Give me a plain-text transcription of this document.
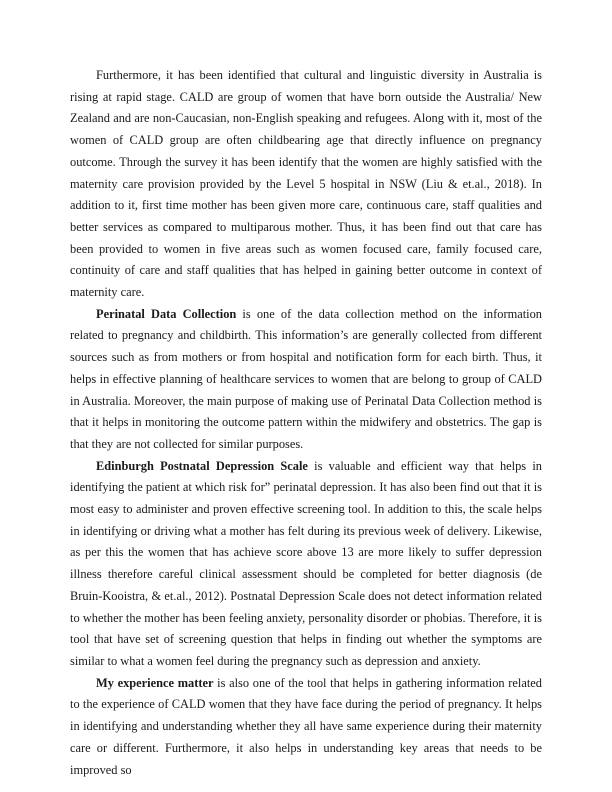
Furthermore, it has been identified that cultural and linguistic diversity in Australia is rising at rapid stage. CALD are group of women that have born outside the Australia/ New Zealand and are non-Caucasian, non-English speaking and refugees. Along with it, most of the women of CALD group are often childbearing age that directly influence on pregnancy outcome. Through the survey it has been identify that the women are highly satisfied with the maternity care provision provided by the Level 5 hospital in NSW (Liu & et.al., 2018). In addition to it, first time mother has been given more care, continuous care, staff qualities and better services as compared to multiparous mother. Thus, it has been find out that care has been provided to women in five areas such as women focused care, family focused care, continuity of care and staff qualities that has helped in gaining better outcome in context of maternity care.

Perinatal Data Collection is one of the data collection method on the information related to pregnancy and childbirth. This information’s are generally collected from different sources such as from mothers or from hospital and notification form for each birth. Thus, it helps in effective planning of healthcare services to women that are belong to group of CALD in Australia. Moreover, the main purpose of making use of Perinatal Data Collection method is that it helps in monitoring the outcome pattern within the midwifery and obstetrics. The gap is that they are not collected for similar purposes.

Edinburgh Postnatal Depression Scale is valuable and efficient way that helps in identifying the patient at which risk for” perinatal depression. It has also been find out that it is most easy to administer and proven effective screening tool. In addition to this, the scale helps in identifying or driving what a mother has felt during its previous week of delivery. Likewise, as per this the women that has achieve score above 13 are more likely to suffer depression illness therefore careful clinical assessment should be completed for better diagnosis (de Bruin-Kooistra, & et.al., 2012). Postnatal Depression Scale does not detect information related to whether the mother has been feeling anxiety, personality disorder or phobias. Therefore, it is tool that have set of screening question that helps in finding out whether the symptoms are similar to what a women feel during the pregnancy such as depression and anxiety.

My experience matter is also one of the tool that helps in gathering information related to the experience of CALD women that they have face during the period of pregnancy. It helps in identifying and understanding whether they all have same experience during their maternity care or different. Furthermore, it also helps in understanding key areas that needs to be improved so
